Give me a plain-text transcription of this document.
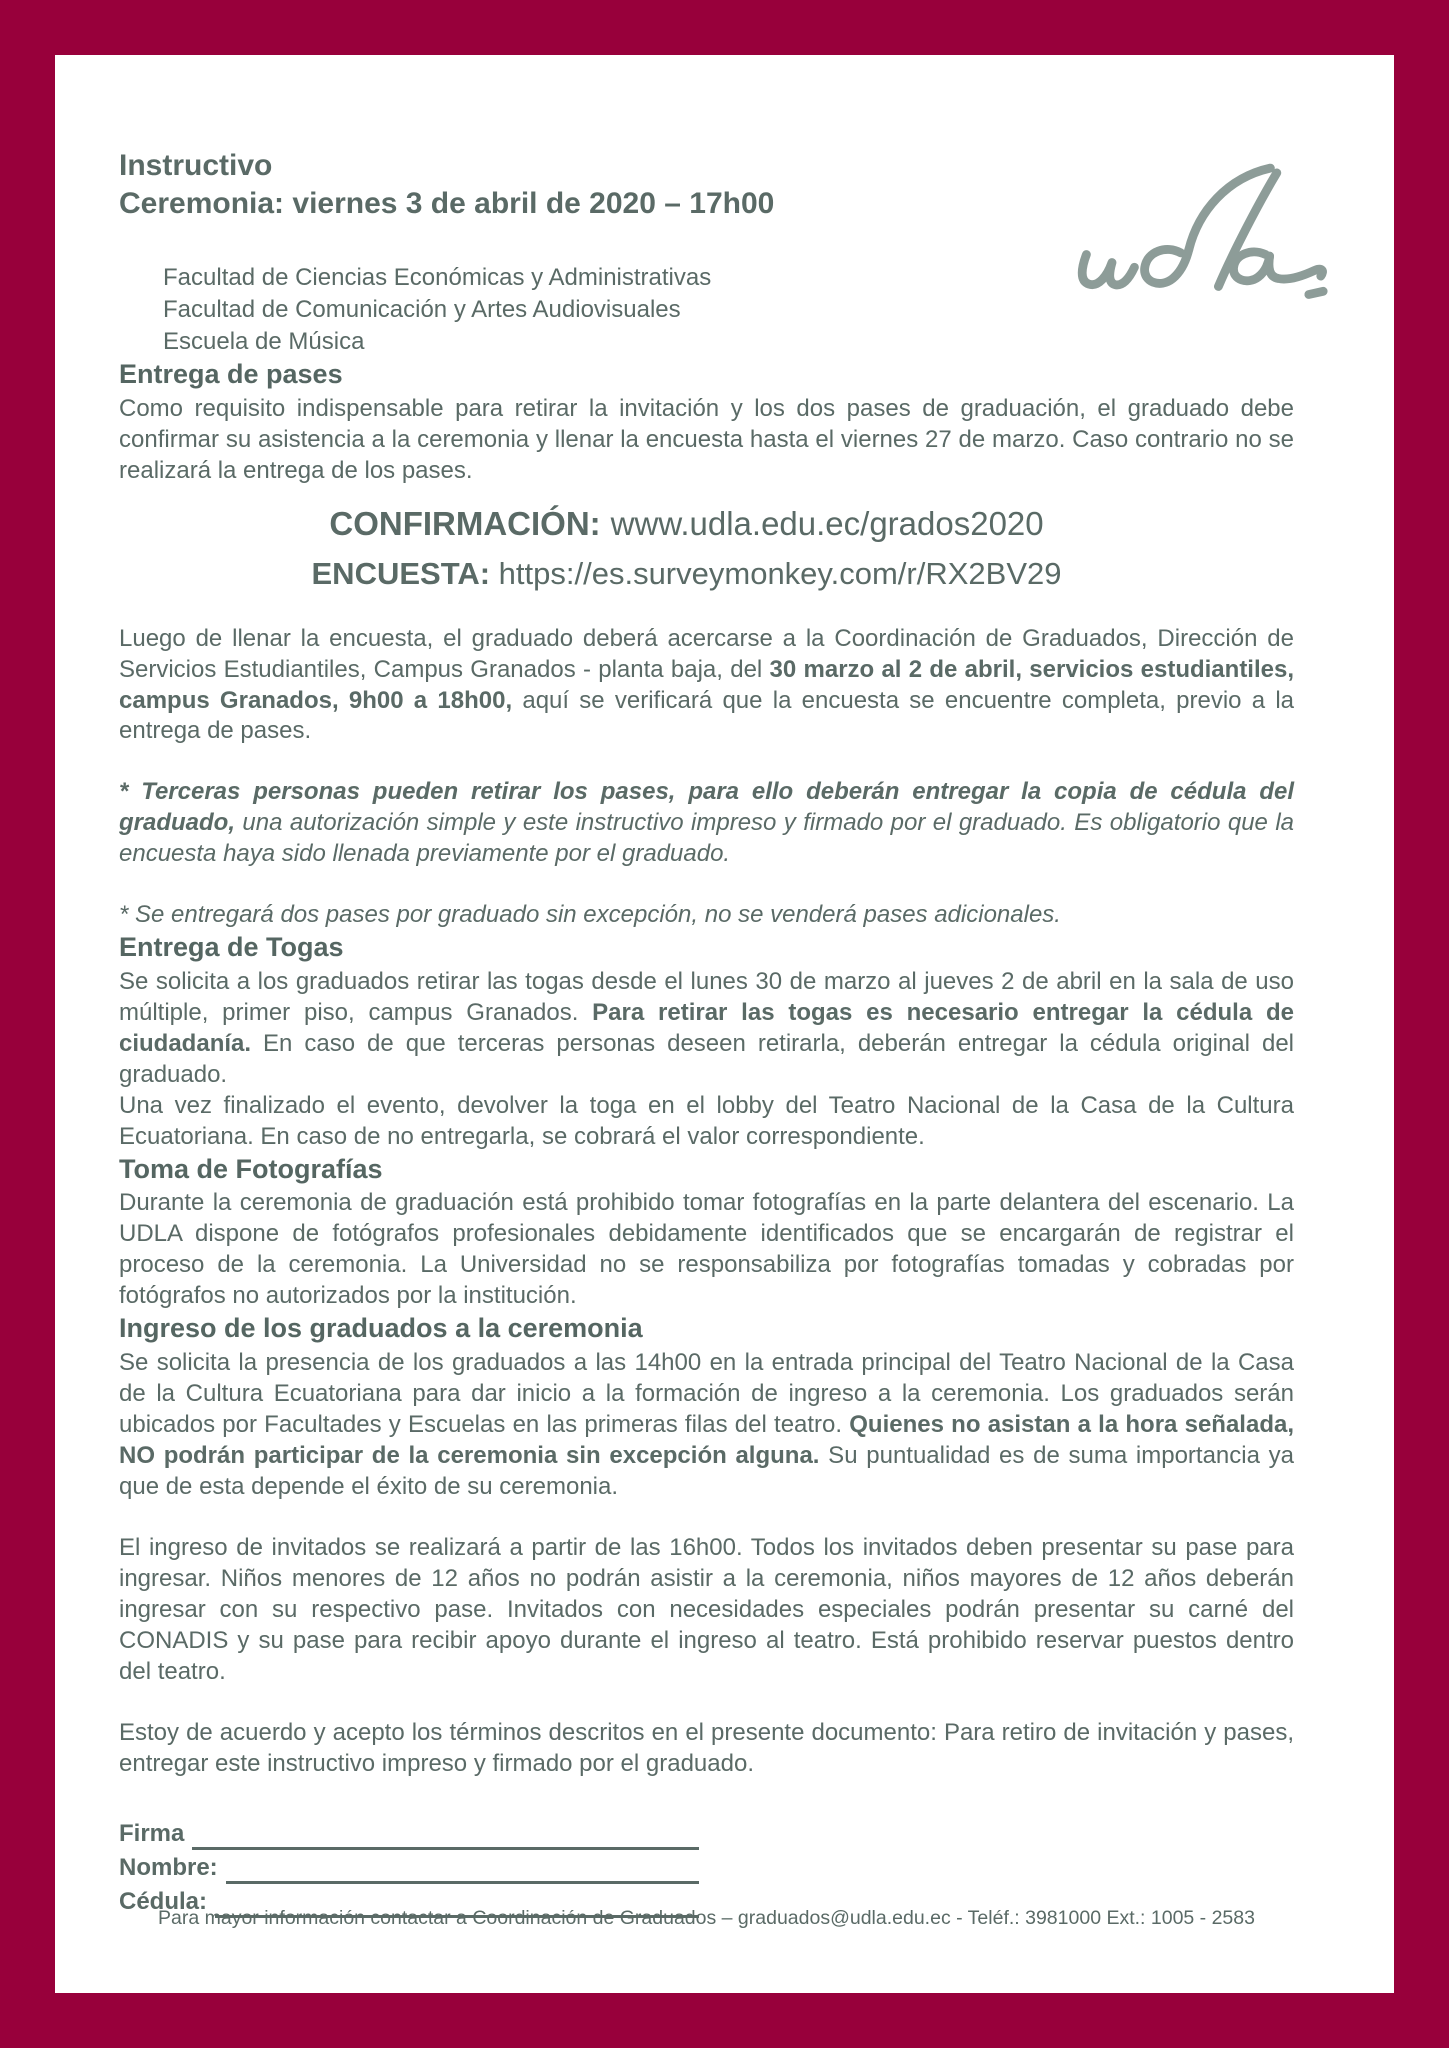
Instructivo
Ceremonia: viernes 3 de abril de 2020 – 17h00
Facultad de Ciencias Económicas y Administrativas
Facultad de Comunicación y Artes Audiovisuales
Escuela de Música
Entrega de pases

Como requisito indispensable para retirar la invitación y los dos pases de graduación, el graduado debe confirmar su asistencia a la ceremonia y llenar la encuesta hasta el viernes 27 de marzo. Caso contrario no se realizará la entrega de los pases.

CONFIRMACIÓN: www.udla.edu.ec/grados2020
ENCUESTA: https://es.surveymonkey.com/r/RX2BV29

Luego de llenar la encuesta, el graduado deberá acercarse a la Coordinación de Graduados, Dirección de Servicios Estudiantiles, Campus Granados - planta baja, del 30 marzo al 2 de abril, servicios estudiantiles, campus Granados, 9h00 a 18h00, aquí se verificará que la encuesta se encuentre completa, previo a la entrega de pases.

* Terceras personas pueden retirar los pases, para ello deberán entregar la copia de cédula del graduado, una autorización simple y este instructivo impreso y firmado por el graduado. Es obligatorio que la encuesta haya sido llenada previamente por el graduado.

* Se entregará dos pases por graduado sin excepción, no se venderá pases adicionales.

Entrega de Togas

Se solicita a los graduados retirar las togas desde el lunes 30 de marzo al jueves 2 de abril en la sala de uso múltiple, primer piso, campus Granados. Para retirar las togas es necesario entregar la cédula de ciudadanía. En caso de que terceras personas deseen retirarla, deberán entregar la cédula original del graduado.

Una vez finalizado el evento, devolver la toga en el lobby del Teatro Nacional de la Casa de la Cultura Ecuatoriana. En caso de no entregarla, se cobrará el valor correspondiente.

Toma de Fotografías

Durante la ceremonia de graduación está prohibido tomar fotografías en la parte delantera del escenario. La UDLA dispone de fotógrafos profesionales debidamente identificados que se encargarán de registrar el proceso de la ceremonia. La Universidad no se responsabiliza por fotografías tomadas y cobradas por fotógrafos no autorizados por la institución.

Ingreso de los graduados a la ceremonia

Se solicita la presencia de los graduados a las 14h00 en la entrada principal del Teatro Nacional de la Casa de la Cultura Ecuatoriana para dar inicio a la formación de ingreso a la ceremonia. Los graduados serán ubicados por Facultades y Escuelas en las primeras filas del teatro. Quienes no asistan a la hora señalada, NO podrán participar de la ceremonia sin excepción alguna. Su puntualidad es de suma importancia ya que de esta depende el éxito de su ceremonia.

El ingreso de invitados se realizará a partir de las 16h00. Todos los invitados deben presentar su pase para ingresar. Niños menores de 12 años no podrán asistir a la ceremonia, niños mayores de 12 años deberán ingresar con su respectivo pase. Invitados con necesidades especiales podrán presentar su carné del CONADIS y su pase para recibir apoyo durante el ingreso al teatro. Está prohibido reservar puestos dentro del teatro.

Estoy de acuerdo y acepto los términos descritos en el presente documento: Para retiro de invitación y pases, entregar este instructivo impreso y firmado por el graduado.

Firma
Nombre:
Cédula:
Para mayor información contactar a Coordinación de Graduados – graduados@udla.edu.ec - Teléf.: 3981000 Ext.: 1005 - 2583
